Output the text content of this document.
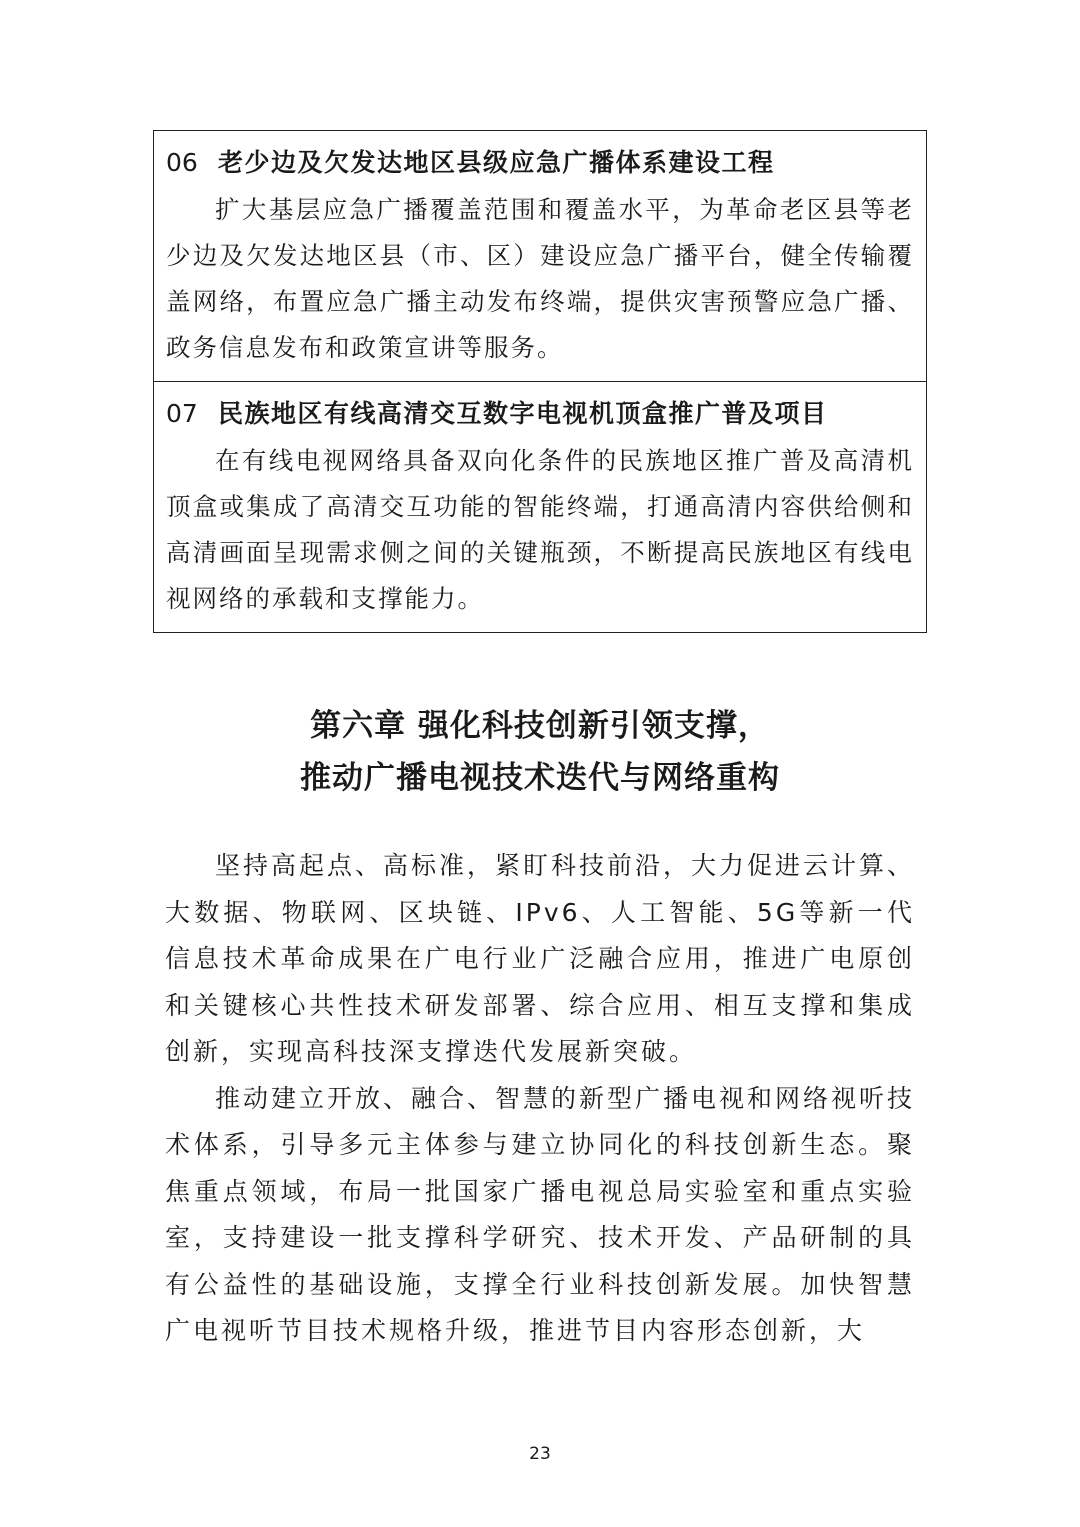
06 老少边及欠发达地区县级应急广播体系建设工程

扩大基层应急广播覆盖范围和覆盖水平，为革命老区县等老少边及欠发达地区县（市、区）建设应急广播平台，健全传输覆盖网络，布置应急广播主动发布终端，提供灾害预警应急广播、政务信息发布和政策宣讲等服务。

07 民族地区有线高清交互数字电视机顶盒推广普及项目

在有线电视网络具备双向化条件的民族地区推广普及高清机顶盒或集成了高清交互功能的智能终端，打通高清内容供给侧和高清画面呈现需求侧之间的关键瓶颈，不断提高民族地区有线电视网络的承载和支撑能力。

第六章 强化科技创新引领支撑，
推动广播电视技术迭代与网络重构

坚持高起点、高标准，紧盯科技前沿，大力促进云计算、大数据、物联网、区块链、IPv6、人工智能、5G等新一代信息技术革命成果在广电行业广泛融合应用，推进广电原创和关键核心共性技术研发部署、综合应用、相互支撑和集成创新，实现高科技深支撑迭代发展新突破。

推动建立开放、融合、智慧的新型广播电视和网络视听技术体系，引导多元主体参与建立协同化的科技创新生态。聚焦重点领域，布局一批国家广播电视总局实验室和重点实验室，支持建设一批支撑科学研究、技术开发、产品研制的具有公益性的基础设施，支撑全行业科技创新发展。加快智慧广电视听节目技术规格升级，推进节目内容形态创新，大

23
